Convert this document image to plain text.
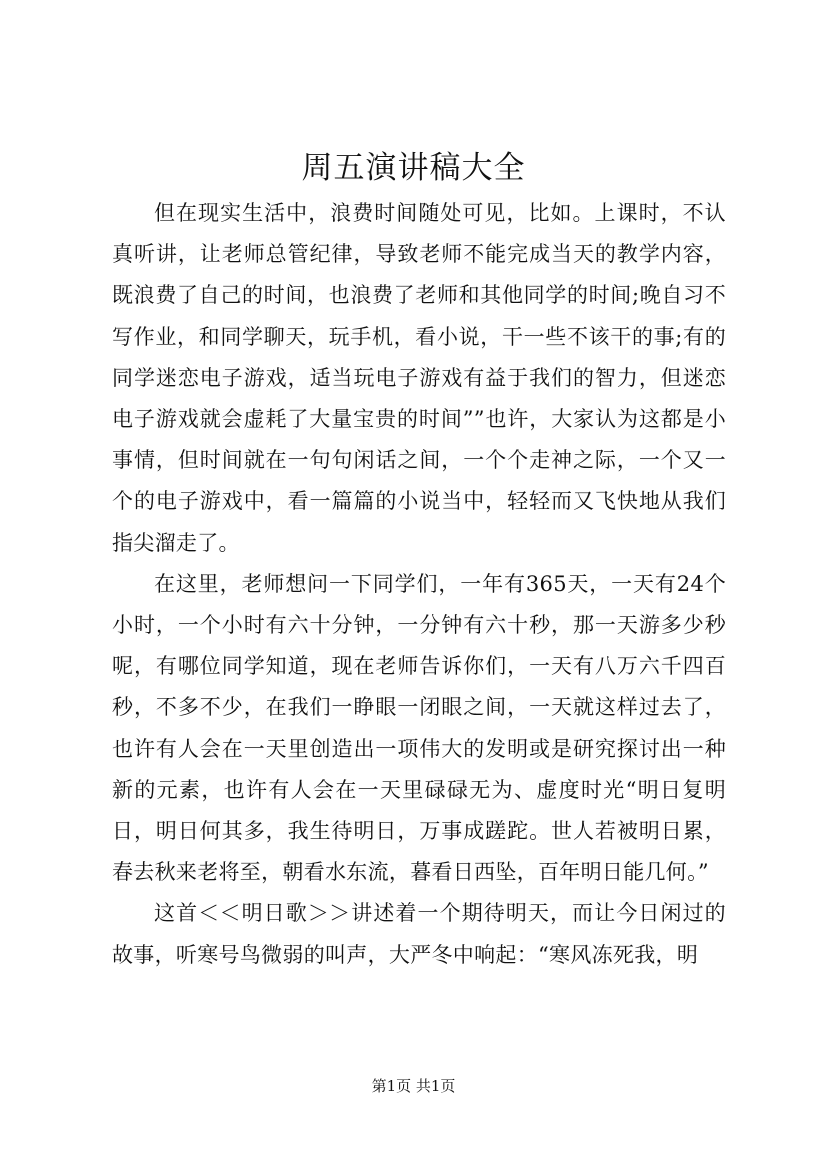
周五演讲稿大全

但在现实生活中，浪费时间随处可见，比如。上课时，不认真听讲，让老师总管纪律，导致老师不能完成当天的教学内容，既浪费了自己的时间，也浪费了老师和其他同学的时间;晚自习不写作业，和同学聊天，玩手机，看小说，干一些不该干的事;有的同学迷恋电子游戏，适当玩电子游戏有益于我们的智力，但迷恋电子游戏就会虚耗了大量宝贵的时间””也许，大家认为这都是小事情，但时间就在一句句闲话之间，一个个走神之际，一个又一个的电子游戏中，看一篇篇的小说当中，轻轻而又飞快地从我们指尖溜走了。

在这里，老师想问一下同学们，一年有365天，一天有24个小时，一个小时有六十分钟，一分钟有六十秒，那一天游多少秒呢，有哪位同学知道，现在老师告诉你们，一天有八万六千四百秒，不多不少，在我们一睁眼一闭眼之间，一天就这样过去了，也许有人会在一天里创造出一项伟大的发明或是研究探讨出一种新的元素，也许有人会在一天里碌碌无为、虚度时光“明日复明日，明日何其多，我生待明日，万事成蹉跎。世人若被明日累，春去秋来老将至，朝看水东流，暮看日西坠，百年明日能几何。”

这首＜＜明日歌＞＞讲述着一个期待明天，而让今日闲过的故事，听寒号鸟微弱的叫声，大严冬中响起：“寒风冻死我，明

第1页 共1页
